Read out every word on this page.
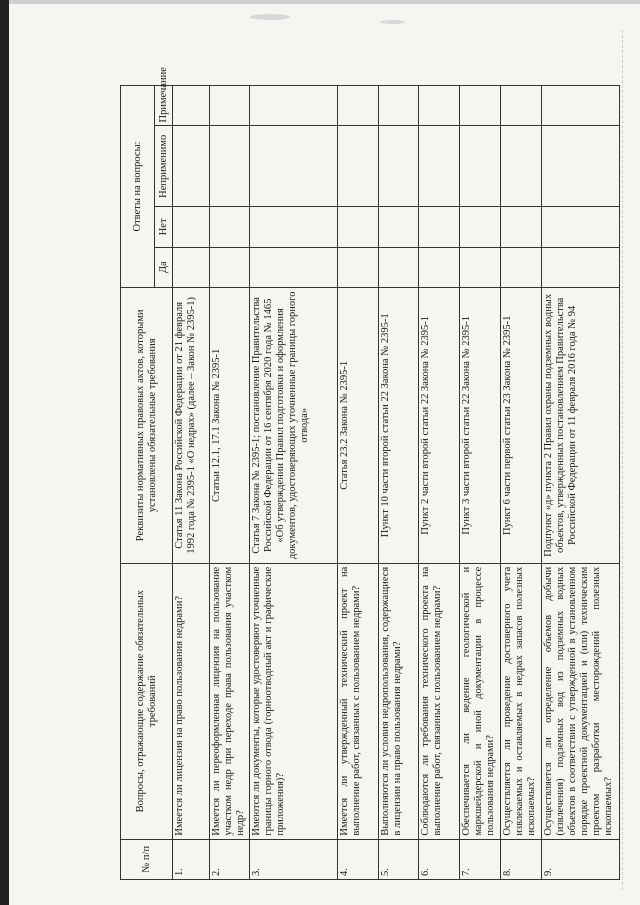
№ п/п	Вопросы, отражающие содержание обязательных требований	Реквизиты нормативных правовых актов, которыми установлены обязательные требования	Ответы на вопросы:			
			Да	Нет	Неприменимо	Примечание
1.	Имеется ли лицензия на право пользования недрами?	Статья 11 Закона Российской Федерации от 21 февраля 1992 года № 2395-1 «О недрах» (далее – Закон № 2395-1)				
2.	Имеется ли переоформленная лицензия на пользование участком недр при переходе права пользования участком недр?	Статьи 12.1, 17.1 Закона № 2395-1				
3.	Имеются ли документы, которые удостоверяют уточненные границы горного отвода (горноотводный акт и графические приложения)?	Статья 7 Закона № 2395-1; постановление Правительства Российской Федерации от 16 сентября 2020 года № 1465 «Об утверждении Правил подготовки и оформления документов, удостоверяющих уточненные границы горного отвода»				
4.	Имеется ли утвержденный технический проект на выполнение работ, связанных с пользованием недрами?	Статья 23.2 Закона № 2395-1				
5.	Выполняются ли условия недропользования, содержащиеся в лицензии на право пользования недрами?	Пункт 10 части второй статьи 22 Закона № 2395-1				
6.	Соблюдаются ли требования технического проекта на выполнение работ, связанных с пользованием недрами?	Пункт 2 части второй статьи 22 Закона № 2395-1				
7.	Обеспечивается ли ведение геологической и маркшейдерской и иной документации в процессе пользования недрами?	Пункт 3 части второй статьи 22 Закона № 2395-1				
8.	Осуществляется ли проведение достоверного учета извлекаемых и оставляемых в недрах запасов полезных ископаемых?	Пункт 6 части первой статьи 23 Закона № 2395-1				
9.	Осуществляется ли определение объемов добычи (извлечения) подземных вод из подземных водных объектов в соответствии с утвержденной в установленном порядке проектной документацией и (или) техническим проектом разработки месторождений полезных ископаемых?	Подпункт «д» пункта 2 Правил охраны подземных водных объектов, утвержденных постановлением Правительства Российской Федерации от 11 февраля 2016 года № 94				
